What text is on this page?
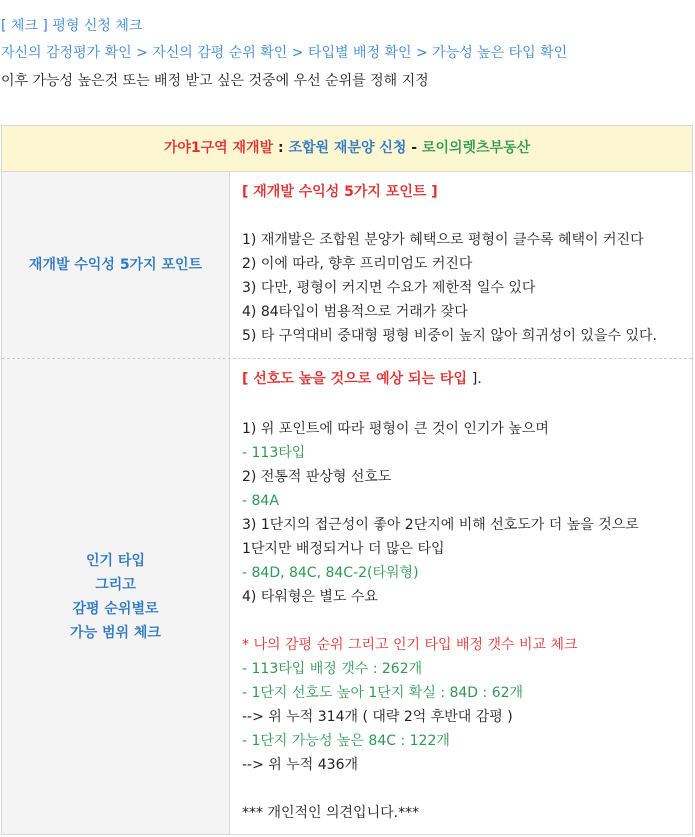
[ 체크 ] 평형 신청 체크
자신의 감정평가 확인 > 자신의 감평 순위 확인 > 타입별 배정 확인 > 가능성 높은 타입 확인
이후 가능성 높은것 또는 배정 받고 싶은 것중에 우선 순위를 정해 지정
가야1구역 재개발 : 조합원 재분양 신청 - 로이의렛츠부동산
재개발 수익성 5가지 포인트
[ 재개발 수익성 5가지 포인트 ]
1) 재개발은 조합원 분양가 혜택으로 평형이 클수록 혜택이 커진다
2) 이에 따라, 향후 프리미엄도 커진다
3) 다만, 평형이 커지면 수요가 제한적 일수 있다
4) 84타입이 범용적으로 거래가 잦다
5) 타 구역대비 중대형 평형 비중이 높지 않아 희귀성이 있을수 있다.
인기 타입
그리고
감평 순위별로
가능 범위 체크
[ 선호도 높을 것으로 예상 되는 타입 ].
1) 위 포인트에 따라 평형이 큰 것이 인기가 높으며
- 113타입
2) 전통적 판상형 선호도
- 84A
3) 1단지의 접근성이 좋아 2단지에 비해 선호도가 더 높을 것으로
1단지만 배정되거나 더 많은 타입
- 84D, 84C, 84C-2(타워형)
4) 타워형은 별도 수요
* 나의 감평 순위 그리고 인기 타입 배정 갯수 비교 체크
- 113타입 배정 갯수 : 262개
- 1단지 선호도 높아 1단지 확실 : 84D : 62개
--> 위 누적 314개 ( 대략 2억 후반대 감평 )
- 1단지 가능성 높은 84C : 122개
--> 위 누적 436개
*** 개인적인 의견입니다.***
